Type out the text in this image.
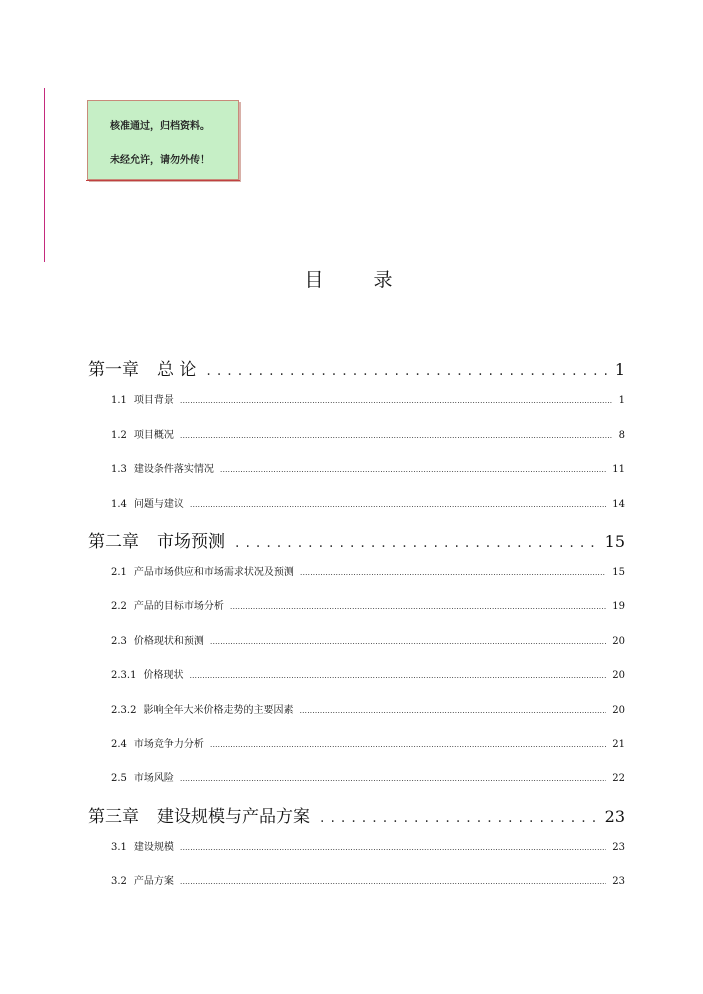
核准通过，归档资料。
未经允许，请勿外传！
目 录
第一章 总 论 .....	1
1.1 项目背景 .....	1
1.2 项目概况 .....	8
1.3 建设条件落实情况 .....	11
1.4 问题与建议 .....	14
第二章 市场预测 .....	15
2.1 产品市场供应和市场需求状况及预测 .....	15
2.2 产品的目标市场分析 .....	19
2.3 价格现状和预测 .....	20
2.3.1 价格现状 .....	20
2.3.2 影响全年大米价格走势的主要因素 .....	20
2.4 市场竞争力分析 .....	21
2.5 市场风险 .....	22
第三章 建设规模与产品方案 .....	23
3.1 建设规模 .....	23
3.2 产品方案 .....	23
